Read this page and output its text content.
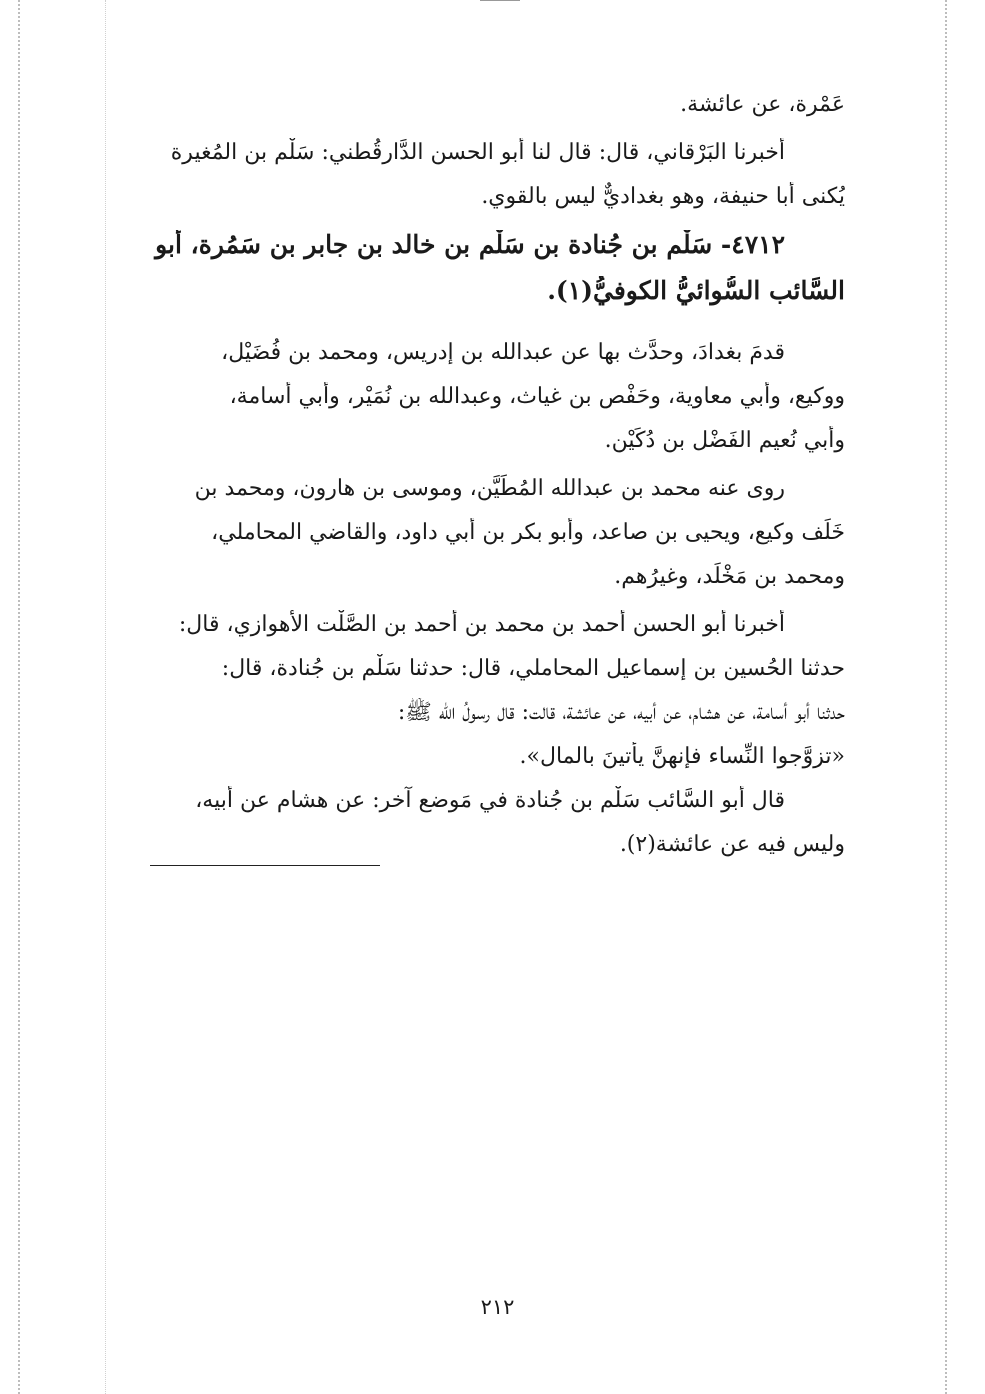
عَمْرة، عن عائشة.
أخبرنا البَرْقاني، قال: قال لنا أبو الحسن الدَّارقُطني: سَلْم بن المُغيرة
يُكنى أبا حنيفة، وهو بغداديٌّ ليس بالقوي.
٤٧١٢- سَلْم بن جُنادة بن سَلْم بن خالد بن جابر بن سَمُرة، أبو
السَّائب السُّوائيُّ الكوفيُّ(١).
قدمَ بغدادَ، وحدَّث بها عن عبدالله بن إدريس، ومحمد بن فُضَيْل،
ووكيع، وأبي معاوية، وحَفْص بن غياث، وعبدالله بن نُمَيْر، وأبي أسامة،
وأبي نُعيم الفَضْل بن دُكَيْن.
روى عنه محمد بن عبدالله المُطَيَّن، وموسى بن هارون، ومحمد بن
خَلَف وكيع، ويحيى بن صاعد، وأبو بكر بن أبي داود، والقاضي المحاملي،
ومحمد بن مَخْلَد، وغيرُهم.
أخبرنا أبو الحسن أحمد بن محمد بن أحمد بن الصَّلْت الأهوازي، قال:
حدثنا الحُسين بن إسماعيل المحاملي، قال: حدثنا سَلْم بن جُنادة، قال:
حدثنا أبو أسامة، عن هشام، عن أبيه، عن عائشة، قالت: قال رسولُ الله ﷺ:
«تزوَّجوا النِّساء فإنهنَّ يأتينَ بالمال».
قال أبو السَّائب سَلْم بن جُنادة في مَوضع آخر: عن هشام عن أبيه،
وليس فيه عن عائشة(٢).
٢١٢
